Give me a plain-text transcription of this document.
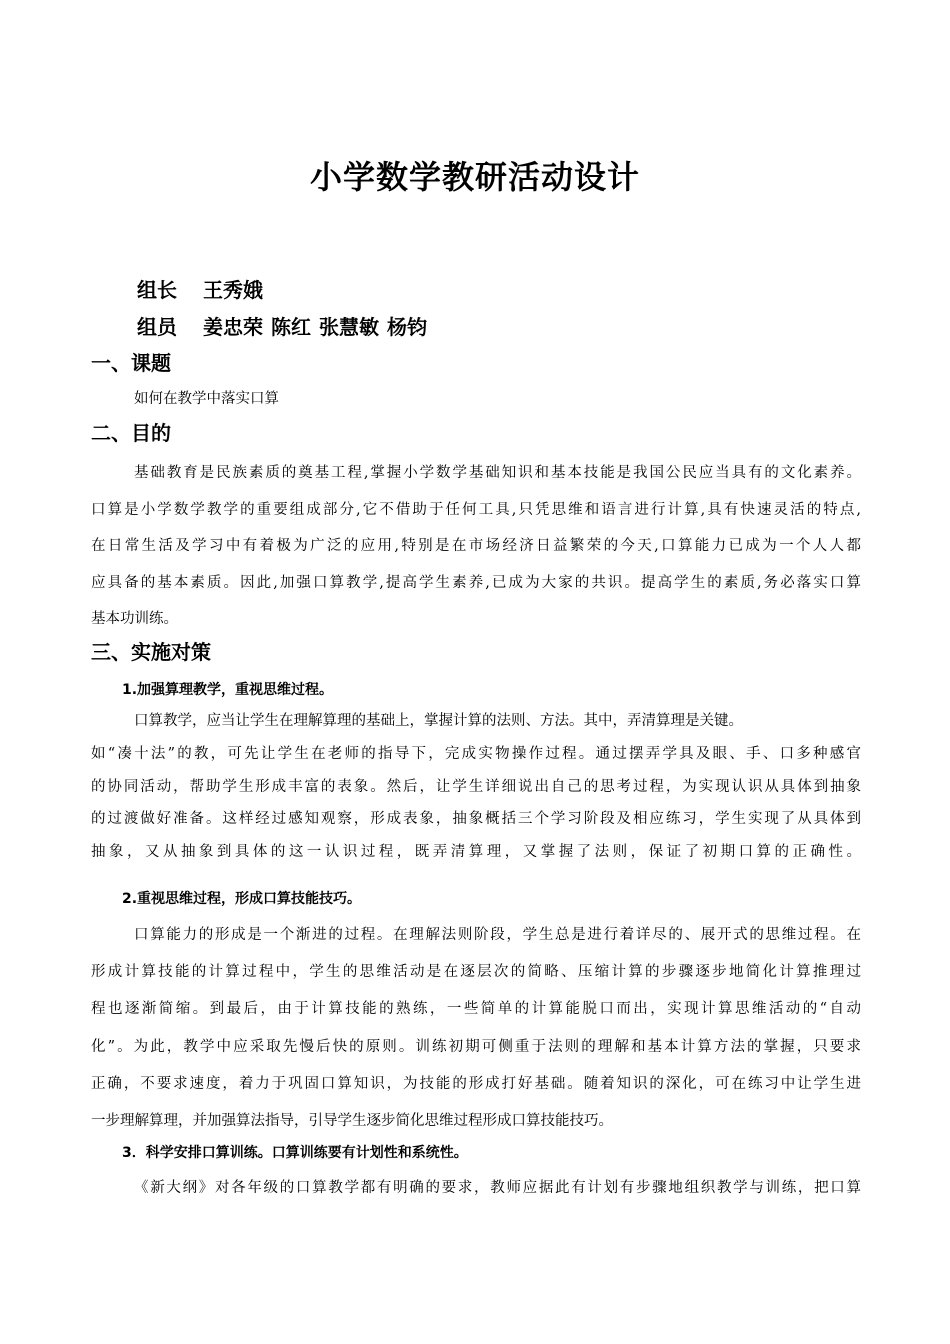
小学数学教研活动设计
组长 王秀娥
组员 姜忠荣 陈红 张慧敏 杨钧
一、课题
如何在教学中落实口算
二、目的
基础教育是民族素质的奠基工程,掌握小学数学基础知识和基本技能是我国公民应当具有的文化素养。
口算是小学数学教学的重要组成部分,它不借助于任何工具,只凭思维和语言进行计算,具有快速灵活的特点,
在日常生活及学习中有着极为广泛的应用,特别是在市场经济日益繁荣的今天,口算能力已成为一个人人都
应具备的基本素质。因此,加强口算教学,提高学生素养,已成为大家的共识。提高学生的素质,务必落实口算
基本功训练。
三、实施对策
1.加强算理教学，重视思维过程。
口算教学，应当让学生在理解算理的基础上，掌握计算的法则、方法。其中，弄清算理是关键。
如“凑十法”的教，可先让学生在老师的指导下，完成实物操作过程。通过摆弄学具及眼、手、口多种感官
的协同活动，帮助学生形成丰富的表象。然后，让学生详细说出自己的思考过程，为实现认识从具体到抽象
的过渡做好准备。这样经过感知观察，形成表象，抽象概括三个学习阶段及相应练习，学生实现了从具体到
抽象，又从抽象到具体的这一认识过程，既弄清算理，又掌握了法则，保证了初期口算的正确性。
2.重视思维过程，形成口算技能技巧。
口算能力的形成是一个渐进的过程。在理解法则阶段，学生总是进行着详尽的、展开式的思维过程。在
形成计算技能的计算过程中，学生的思维活动是在逐层次的简略、压缩计算的步骤逐步地简化计算推理过
程也逐渐简缩。到最后，由于计算技能的熟练，一些简单的计算能脱口而出，实现计算思维活动的“自动
化”。为此，教学中应采取先慢后快的原则。训练初期可侧重于法则的理解和基本计算方法的掌握，只要求
正确，不要求速度，着力于巩固口算知识，为技能的形成打好基础。随着知识的深化，可在练习中让学生进
一步理解算理，并加强算法指导，引导学生逐步简化思维过程形成口算技能技巧。
3．科学安排口算训练。口算训练要有计划性和系统性。
《新大纲》对各年级的口算教学都有明确的要求，教师应据此有计划有步骤地组织教学与训练，把口算
